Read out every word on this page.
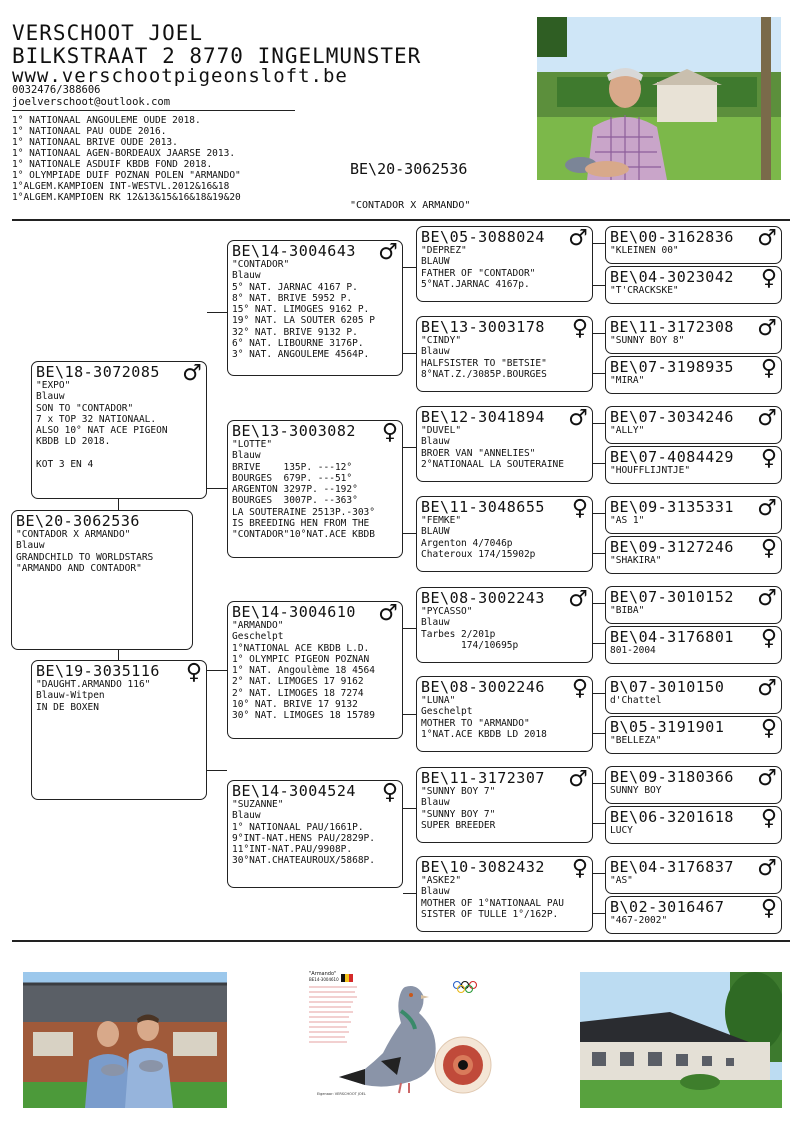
VERSCHOOT JOEL
BILKSTRAAT 2 8770 INGELMUNSTER
www.verschootpigeonsloft.be
0032476/388606
joelverschoot@outlook.com
1° NATIONAAL ANGOULEME OUDE 2018.
1° NATIONAAL PAU OUDE 2016.
1° NATIONAAL BRIVE OUDE 2013.
1° NATIONAAL AGEN-BORDEAUX JAARSE 2013.
1° NATIONALE ASDUIF KBDB FOND 2018.
1° OLYMPIADE DUIF POZNAN POLEN "ARMANDO"
1°ALGEM.KAMPIOEN INT-WESTVL.2012&16&18
1°ALGEM.KAMPIOEN RK 12&13&15&16&18&19&20
BE\20-3062536
"CONTADOR X ARMANDO"
BE\20-3062536
"CONTADOR X ARMANDO"
Blauw
GRANDCHILD TO WORLDSTARS
"ARMANDO AND CONTADOR"
BE\18-3072085	♂
"EXPO"
Blauw
SON TO "CONTADOR"
7 x TOP 32 NATIONAAL.
ALSO 10° NAT ACE PIGEON
KBDB LD 2018.

KOT 3 EN 4
BE\19-3035116	♀
"DAUGHT.ARMANDO 116"
Blauw-Witpen
IN DE BOXEN
BE\14-3004643	♂
"CONTADOR"
Blauw
5° NAT. JARNAC 4167 P.
8° NAT. BRIVE 5952 P.
15° NAT. LIMOGES 9162 P.
19° NAT. LA SOUTER 6205 P
32° NAT. BRIVE 9132 P.
6° NAT. LIBOURNE 3176P.
3° NAT. ANGOULEME 4564P.
BE\13-3003082	♀
"LOTTE"
Blauw
BRIVE    135P. ---12°
BOURGES  679P. ---51°
ARGENTON 3297P. --192°
BOURGES  3007P. --363°
LA SOUTERAINE 2513P.-303°
IS BREEDING HEN FROM THE
"CONTADOR"10°NAT.ACE KBDB
BE\14-3004610	♂
"ARMANDO"
Geschelpt
1°NATIONAL ACE KBDB L.D.
1° OLYMPIC PIGEON POZNAN
1° NAT. Angoulème 18 4564
2° NAT. LIMOGES 17 9162
2° NAT. LIMOGES 18 7274
10° NAT. BRIVE 17 9132
30° NAT. LIMOGES 18 15789
BE\14-3004524	♀
"SUZANNE"
Blauw
1° NATIONAAL PAU/1661P.
9°INT-NAT.HENS PAU/2829P.
11°INT-NAT.PAU/9908P.
30°NAT.CHATEAUROUX/5868P.
BE\05-3088024	♂
"DEPREZ"
BLAUW
FATHER OF "CONTADOR"
5°NAT.JARNAC 4167p.
BE\13-3003178	♀
"CINDY"
Blauw
HALFSISTER TO "BETSIE"
8°NAT.Z./3085P.BOURGES
BE\12-3041894	♂
"DUVEL"
Blauw
BROER VAN "ANNELIES"
2°NATIONAAL LA SOUTERAINE
BE\11-3048655	♀
"FEMKE"
BLAUW
Argenton 4/7046p
Chateroux 174/15902p
BE\08-3002243	♂
"PYCASSO"
Blauw
Tarbes 2/201p
174/10695p
BE\08-3002246	♀
"LUNA"
Geschelpt
MOTHER TO "ARMANDO"
1°NAT.ACE KBDB LD 2018
BE\11-3172307	♂
"SUNNY BOY 7"
Blauw
"SUNNY BOY 7"
SUPER BREEDER
BE\10-3082432	♀
"ASKE2"
Blauw
MOTHER OF 1°NATIONAAL PAU
SISTER OF TULLE 1°/162P.
BE\00-3162836	♂
"KLEINEN 00"
BE\04-3023042	♀
"T'CRACKSKE"
BE\11-3172308	♂
"SUNNY BOY 8"
BE\07-3198935	♀
"MIRA"
BE\07-3034246	♂
"ALLY"
BE\07-4084429	♀
"HOUFFLIJNTJE"
BE\09-3135331	♂
"AS 1"
BE\09-3127246	♀
"SHAKIRA"
BE\07-3010152	♂
"BIBA"
BE\04-3176801	♀
801-2004
B\07-3010150	♂
d'Chattel
B\05-3191901	♀
"BELLEZA"
BE\09-3180366	♂
SUNNY BOY
BE\06-3201618	♀
LUCY
BE\04-3176837	♂
"AS"
B\02-3016467	♀
"467-2002"
"Armando"
BE14-3004610
Eigenaar: VERSCHOOT JOEL
